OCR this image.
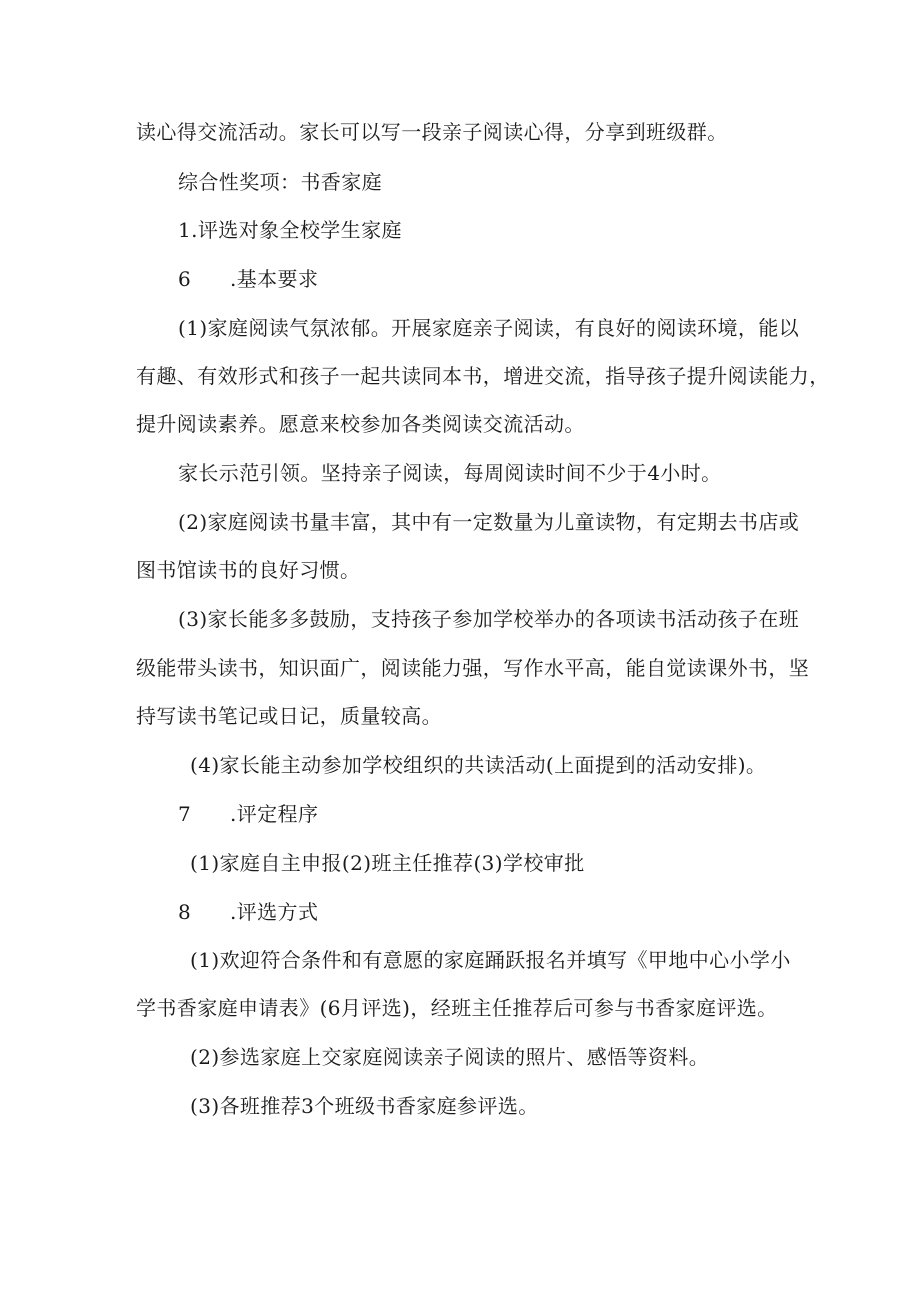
读心得交流活动。家长可以写一段亲子阅读心得，分享到班级群。
综合性奖项：书香家庭
1.评选对象全校学生家庭
6 .基本要求
(1)家庭阅读气氛浓郁。开展家庭亲子阅读，有良好的阅读环境，能以
有趣、有效形式和孩子一起共读同本书，增进交流，指导孩子提升阅读能力，
提升阅读素养。愿意来校参加各类阅读交流活动。
家长示范引领。坚持亲子阅读，每周阅读时间不少于4小时。
(2)家庭阅读书量丰富，其中有一定数量为儿童读物，有定期去书店或
图书馆读书的良好习惯。
(3)家长能多多鼓励，支持孩子参加学校举办的各项读书活动孩子在班
级能带头读书，知识面广，阅读能力强，写作水平高，能自觉读课外书，坚
持写读书笔记或日记，质量较高。
(4)家长能主动参加学校组织的共读活动(上面提到的活动安排)。
7 .评定程序
(1)家庭自主申报(2)班主任推荐(3)学校审批
8 .评选方式
(1)欢迎符合条件和有意愿的家庭踊跃报名并填写《甲地中心小学小
学书香家庭申请表》(6月评选)，经班主任推荐后可参与书香家庭评选。
(2)参选家庭上交家庭阅读亲子阅读的照片、感悟等资料。
(3)各班推荐3个班级书香家庭参评选。
